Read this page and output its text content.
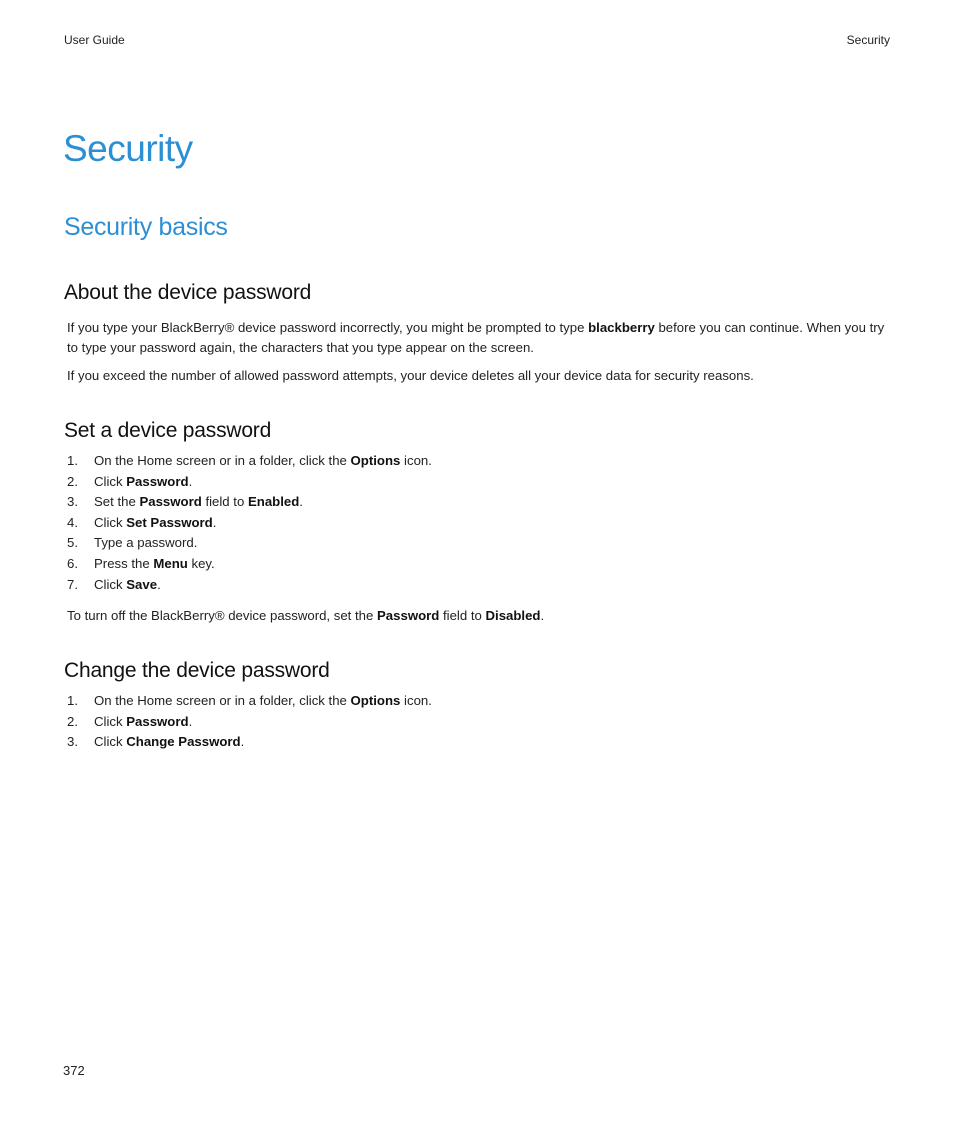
User Guide	Security
Security
Security basics
About the device password

If you type your BlackBerry® device password incorrectly, you might be prompted to type blackberry before you can continue. When you try to type your password again, the characters that you type appear on the screen.

If you exceed the number of allowed password attempts, your device deletes all your device data for security reasons.

Set a device password
1. On the Home screen or in a folder, click the Options icon.
2. Click Password.
3. Set the Password field to Enabled.
4. Click Set Password.
5. Type a password.
6. Press the Menu key.
7. Click Save.

To turn off the BlackBerry® device password, set the Password field to Disabled.

Change the device password
1. On the Home screen or in a folder, click the Options icon.
2. Click Password.
3. Click Change Password.
372
